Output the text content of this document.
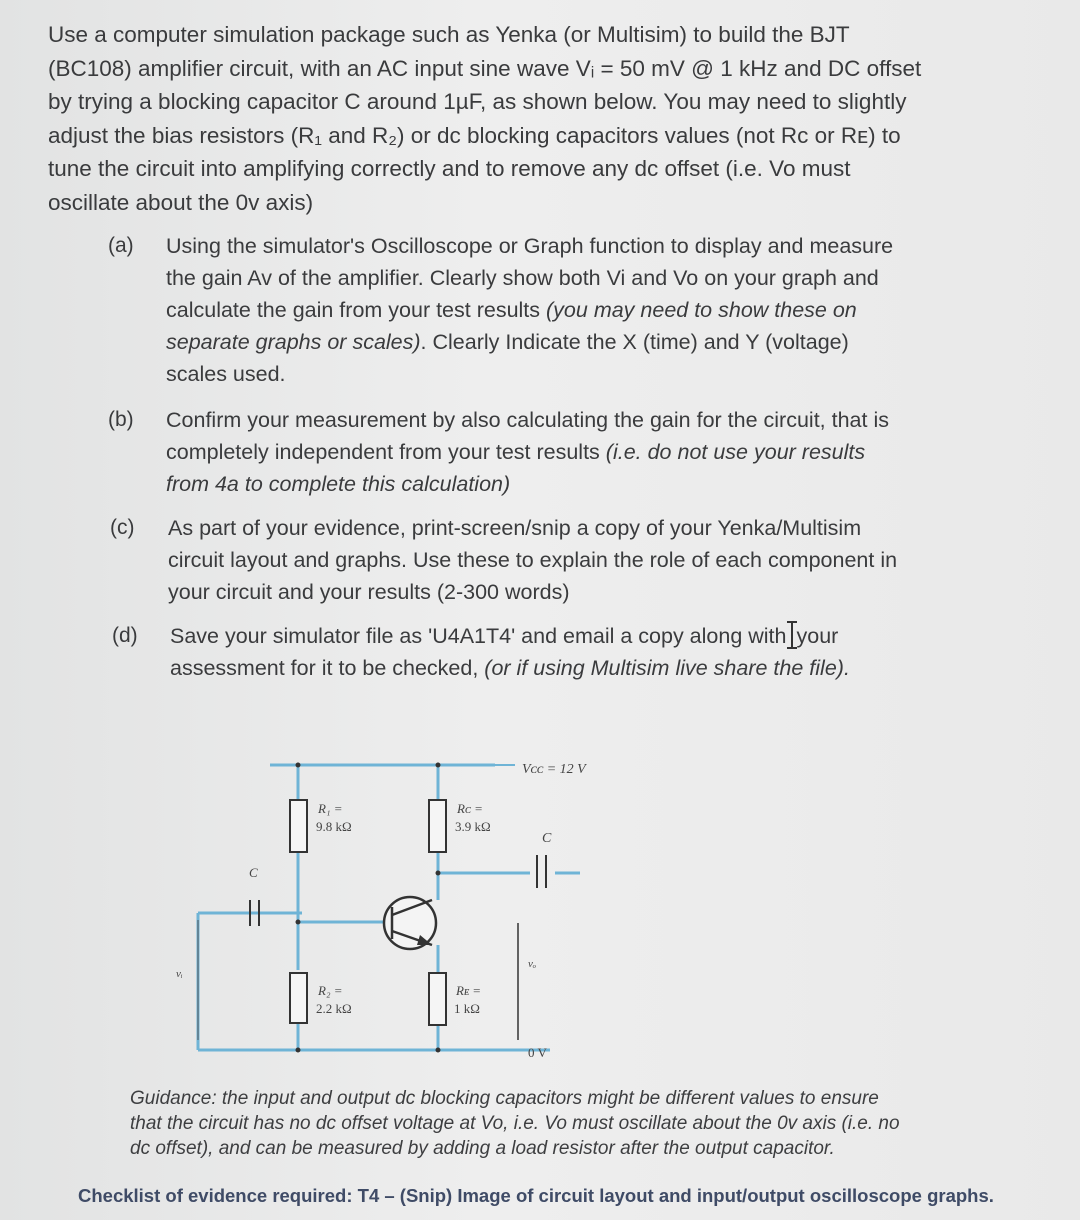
Use a computer simulation package such as Yenka (or Multisim) to build the BJT
(BC108) amplifier circuit, with an AC input sine wave Vᵢ = 50 mV @ 1 kHz and DC offset
by trying a blocking capacitor C around 1µF, as shown below. You may need to slightly
adjust the bias resistors (R₁ and R₂) or dc blocking capacitors values (not Rᴄ or Rᴇ) to
tune the circuit into amplifying correctly and to remove any dc offset (i.e. Vo must
oscillate about the 0v axis)
(a)	Using the simulator's Oscilloscope or Graph function to display and measure
the gain Av of the amplifier. Clearly show both Vi and Vo on your graph and
calculate the gain from your test results (you may need to show these on
separate graphs or scales). Clearly Indicate the X (time) and Y (voltage)
scales used.
(b)	Confirm your measurement by also calculating the gain for the circuit, that is
completely independent from your test results (i.e. do not use your results
from 4a to complete this calculation)
(c)	As part of your evidence, print-screen/snip a copy of your Yenka/Multisim
circuit layout and graphs. Use these to explain the role of each component in
your circuit and your results (2-300 words)
(d)	Save your simulator file as 'U4A1T4' and email a copy along with your
assessment for it to be checked, (or if using Multisim live share the file).
Vᴄᴄ = 12 V
R₁ =
9.8 kΩ
Rᴄ =
3.9 kΩ
R₂ =
2.2 kΩ
Rᴇ =
1 kΩ
C
C
vₒ
vᵢ
0 V
Guidance: the input and output dc blocking capacitors might be different values to ensure
that the circuit has no dc offset voltage at Vo, i.e. Vo must oscillate about the 0v axis (i.e. no
dc offset), and can be measured by adding a load resistor after the output capacitor.
Checklist of evidence required: T4 – (Snip) Image of circuit layout and input/output oscilloscope graphs.
